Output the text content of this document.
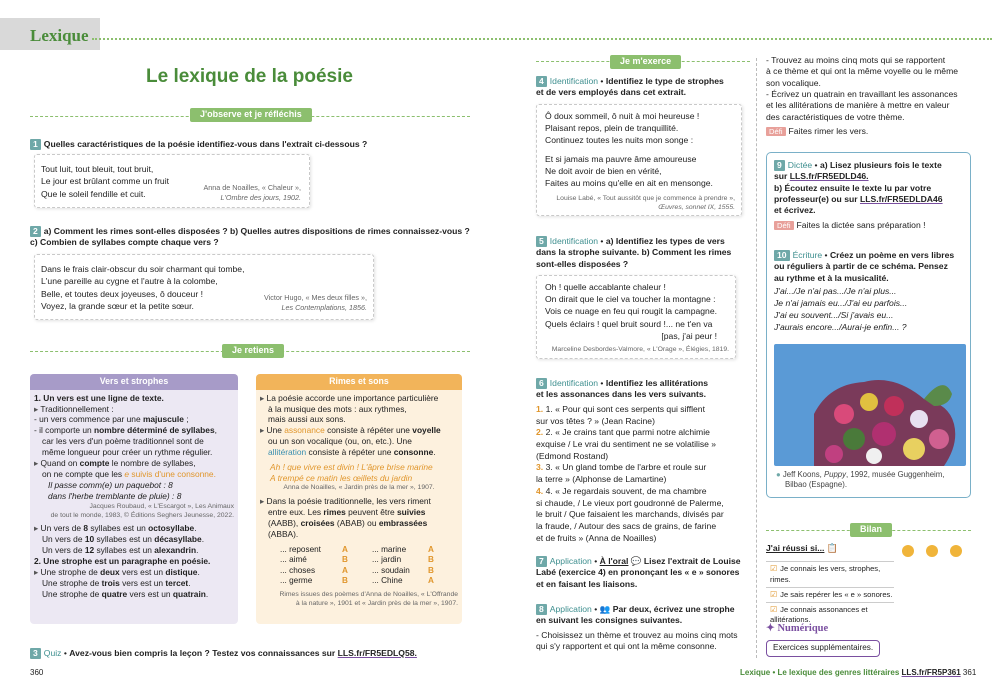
Lexique
Le lexique de la poésie
J'observe et je réfléchis
1 Quelles caractéristiques de la poésie identifiez-vous dans l'extrait ci-dessous ?
Tout luit, tout bleuit, tout bruit,
Le jour est brûlant comme un fruit
Que le soleil fendille et cuit.
Anna de Noailles, « Chaleur »,
L'Ombre des jours, 1902.
2 a) Comment les rimes sont-elles disposées ? b) Quelles autres dispositions de rimes connaissez-vous ?
c) Combien de syllabes compte chaque vers ?
Dans le frais clair-obscur du soir charmant qui tombe,
L'une pareille au cygne et l'autre à la colombe,
Belle, et toutes deux joyeuses, ô douceur !
Voyez, la grande sœur et la petite sœur.
Victor Hugo, « Mes deux filles »,
Les Contemplations, 1856.
Je retiens
Vers et strophes
1. Un vers est une ligne de texte.
▸ Traditionnellement :
- un vers commence par une majuscule ;
- il comporte un nombre déterminé de syllabes,
car les vers d'un poème traditionnel sont de
même longueur pour créer un rythme régulier.
▸ Quand on compte le nombre de syllabes,
on ne compte que les e suivis d'une consonne.
Il passe comm(e) un paquebot : 8
dans l'herbe tremblante de pluie) : 8
Jacques Roubaud, « L'Escargot », Les Animaux
de tout le monde, 1983, © Éditions Seghers Jeunesse, 2022.
▸ Un vers de 8 syllabes est un octosyllabe.
Un vers de 10 syllabes est un décasyllabe.
Un vers de 12 syllabes est un alexandrin.
2. Une strophe est un paragraphe en poésie.
▸ Une strophe de deux vers est un distique.
Une strophe de trois vers est un tercet.
Une strophe de quatre vers est un quatrain.
Rimes et sons
▸ La poésie accorde une importance particulière
à la musique des mots : aux rythmes,
mais aussi aux sons.
▸ Une assonance consiste à répéter une voyelle
ou un son vocalique (ou, on, etc.). Une
allitération consiste à répéter une consonne.
Ah ! que vivre est divin ! L'âpre brise marine
A trempé ce matin les œillets du jardin
Anna de Noailles, « Jardin près de la mer », 1907.
▸ Dans la poésie traditionnelle, les vers riment
entre eux. Les rimes peuvent être suivies
(AABB), croisées (ABAB) ou embrassées (ABBA).
... reposent	A	... marine	A
... aimé	B	... jardin	B
... choses	A	... soudain	B
... germe	B	... Chine	A
Rimes issues des poèmes d'Anna de Noailles, « L'Offrande
à la nature », 1901 et « Jardin près de la mer », 1907.
3 Quiz • Avez-vous bien compris la leçon ? Testez vos connaissances sur LLS.fr/FR5EDLQ58.
Je m'exerce
4 Identification • Identifiez le type de strophes
et de vers employés dans cet extrait.
Ô doux sommeil, ô nuit à moi heureuse !
Plaisant repos, plein de tranquillité.
Continuez toutes les nuits mon songe :
Et si jamais ma pauvre âme amoureuse
Ne doit avoir de bien en vérité,
Faites au moins qu'elle en ait en mensonge.
Louise Labé, « Tout aussitôt que je commence à prendre »,
Œuvres, sonnet IX, 1555.
5 Identification • a) Identifiez les types de vers
dans la strophe suivante. b) Comment les rimes
sont-elles disposées ?
Oh ! quelle accablante chaleur !
On dirait que le ciel va toucher la montagne :
Vois ce nuage en feu qui rougit la campagne.
Quels éclairs ! quel bruit sourd !... ne t'en va
[pas, j'ai peur !
Marceline Desbordes-Valmore, « L'Orage », Élégies, 1819.
6 Identification • Identifiez les allitérations
et les assonances dans les vers suivants.
1. 1. « Pour qui sont ces serpents qui sifflent
sur vos têtes ? » (Jean Racine)
2. 2. « Je crains tant que parmi notre alchimie
exquise / Le vrai du sentiment ne se volatilise »
(Edmond Rostand)
3. 3. « Un gland tombe de l'arbre et roule sur
la terre » (Alphonse de Lamartine)
4. 4. « Je regardais souvent, de ma chambre
si chaude, / Le vieux port goudronné de Palerme,
le bruit / Que faisaient les marchands, divisés par
la fraude, / Autour des sacs de grains, de farine
et de fruits » (Anna de Noailles)
7 Application • À l'oral 💬 Lisez l'extrait de Louise
Labé (exercice 4) en prononçant les « e » sonores
et en faisant les liaisons.
8 Application • 👥 Par deux, écrivez une strophe
en suivant les consignes suivantes.
- Choisissez un thème et trouvez au moins cinq mots
qui s'y rapportent et qui ont la même consonne.
- Trouvez au moins cinq mots qui se rapportent
à ce thème et qui ont la même voyelle ou le même
son vocalique.
- Écrivez un quatrain en travaillant les assonances
et les allitérations de manière à mettre en valeur
des caractéristiques de votre thème.
Défi Faites rimer les vers.
9 Dictée • a) Lisez plusieurs fois le texte
sur LLS.fr/FR5EDLD46.
b) Écoutez ensuite le texte lu par votre
professeur(e) ou sur LLS.fr/FR5EDLDA46
et écrivez.
Défi Faites la dictée sans préparation !
10 Écriture • Créez un poème en vers libres
ou réguliers à partir de ce schéma. Pensez
au rythme et à la musicalité.
J'ai.../Je n'ai pas.../Je n'ai plus...
Je n'ai jamais eu.../J'ai eu parfois...
J'ai eu souvent.../Si j'avais eu...
J'aurais encore.../Aurai-je enfin... ?
● Jeff Koons, Puppy, 1992, musée Guggenheim,
Bilbao (Espagne).
Bilan
J'ai réussi si... 📋
☑ Je connais les vers, strophes, rimes.
☑ Je sais repérer les « e » sonores.
☑ Je connais assonances et allitérations.
✦ Numérique
Exercices supplémentaires.
360	Lexique • Le lexique des genres littéraires LLS.fr/FR5P361 361
